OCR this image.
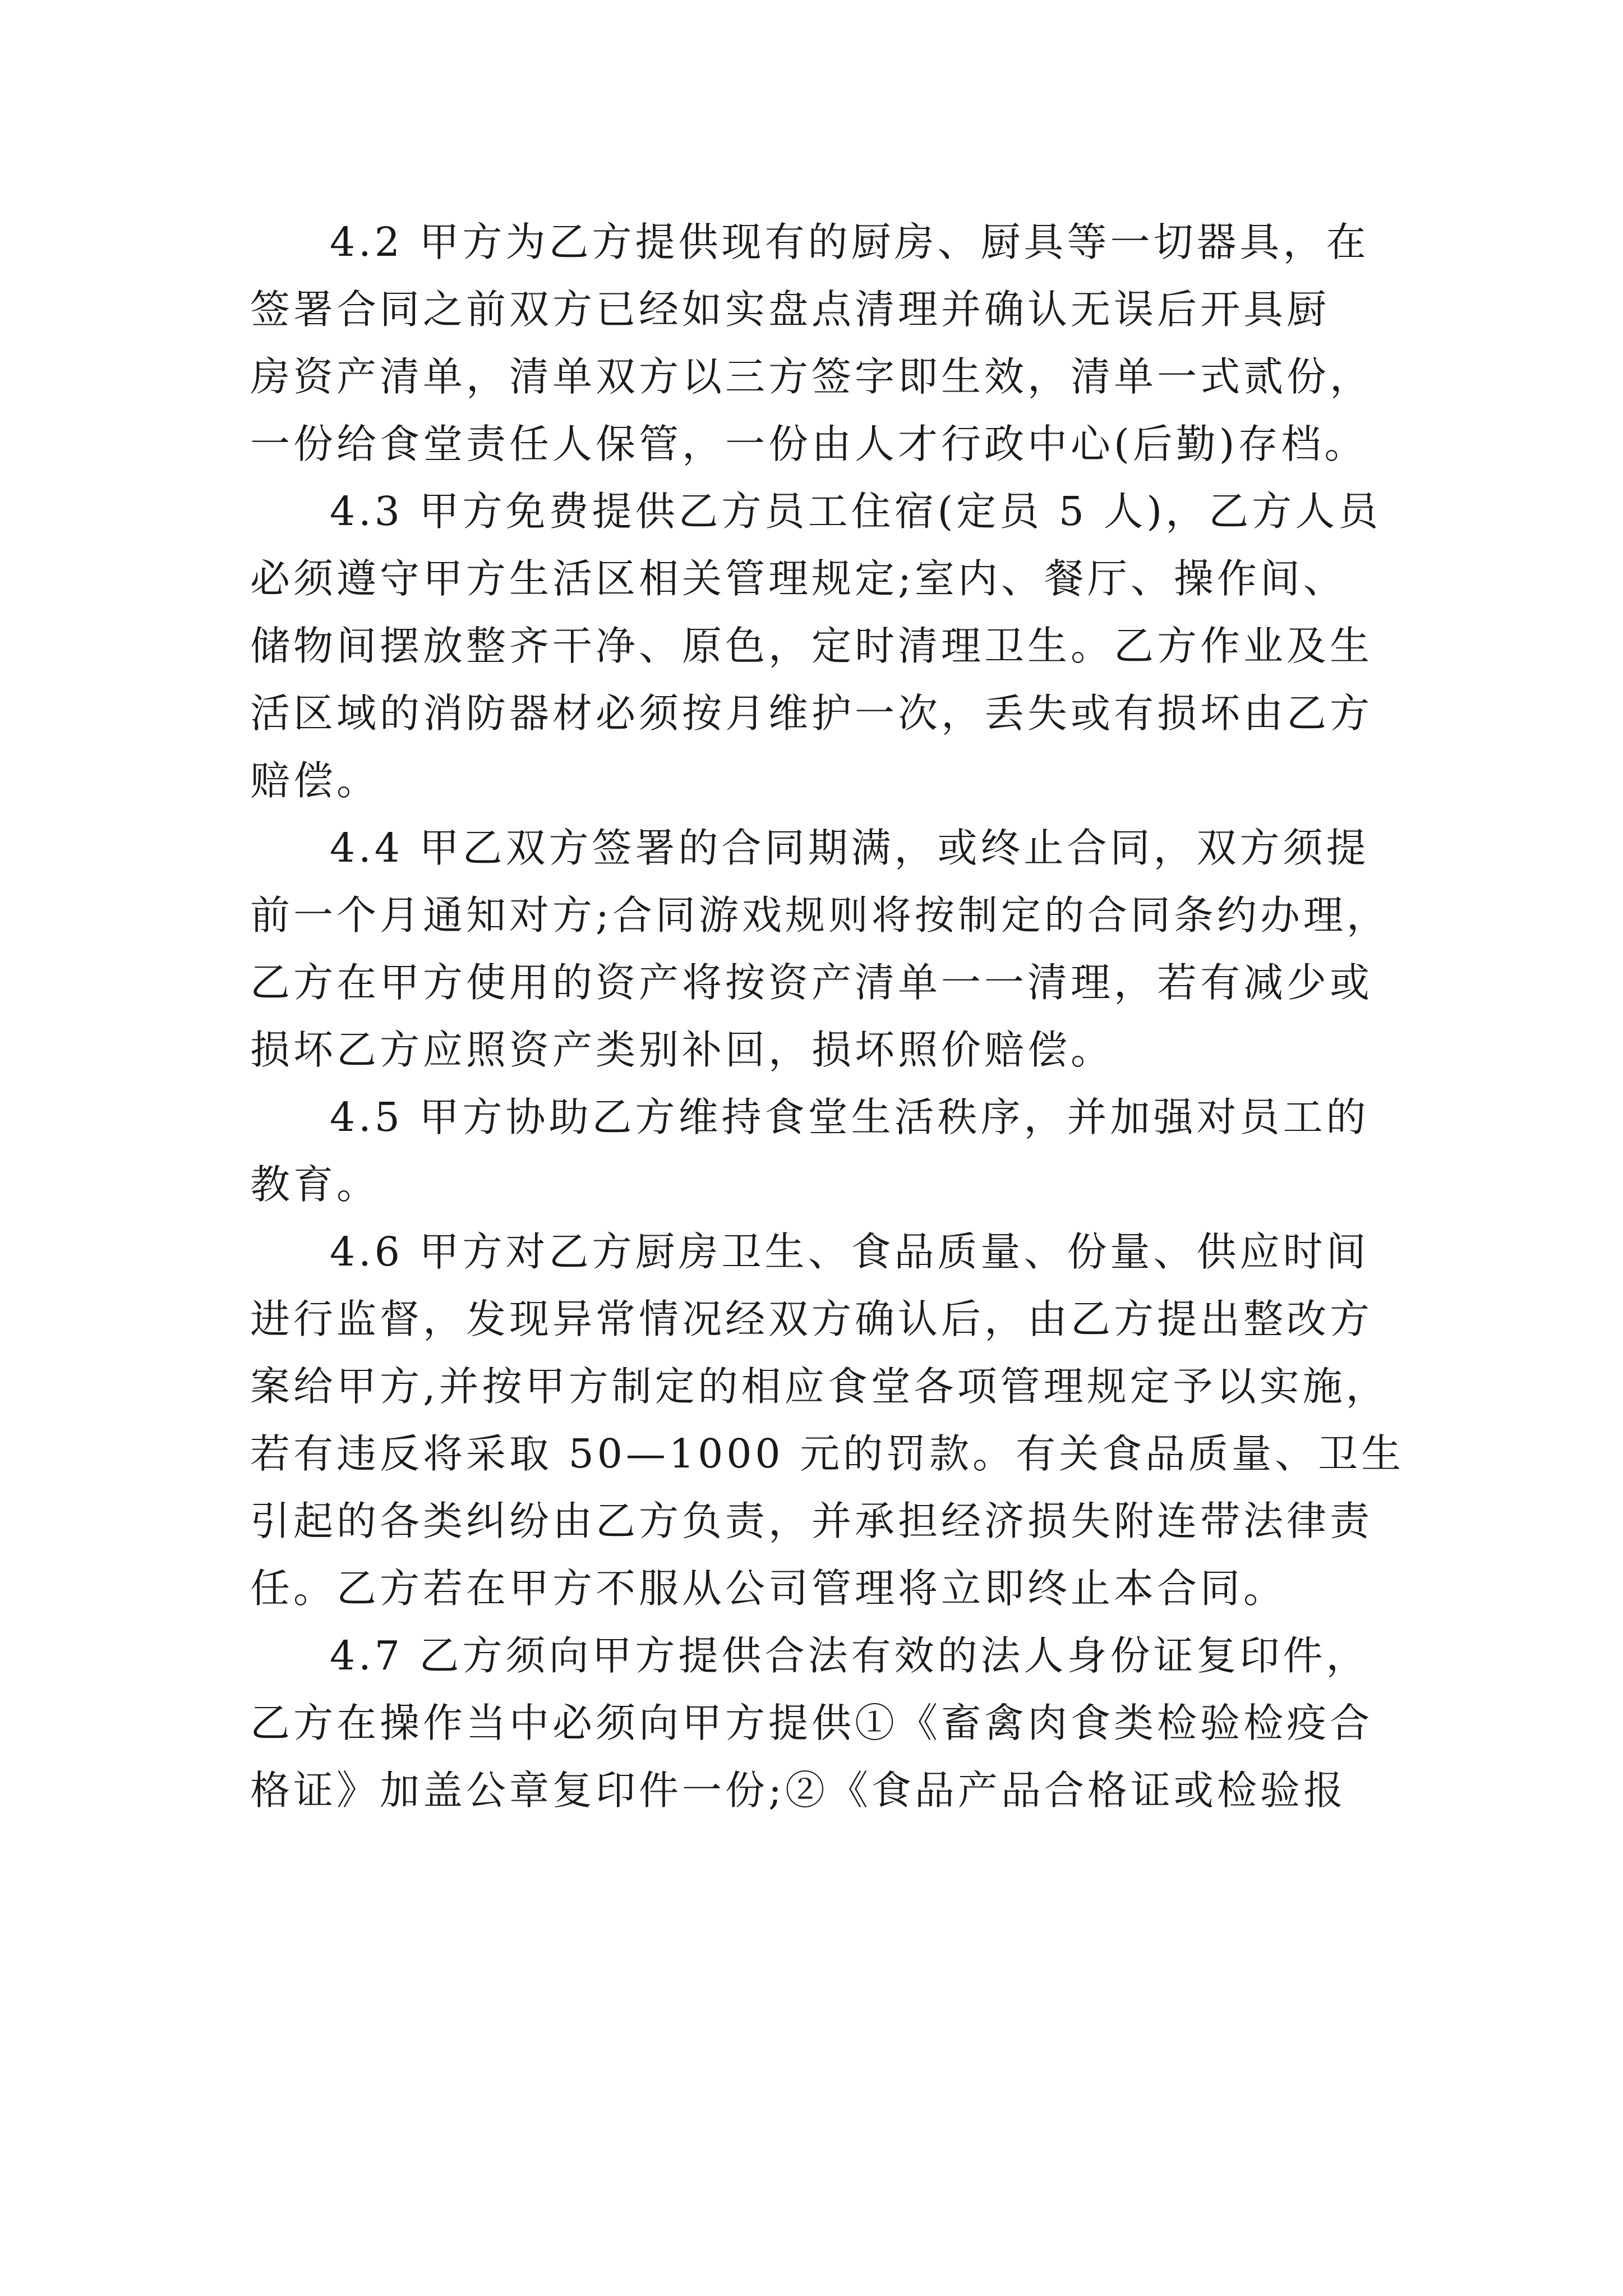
4.2 甲方为乙方提供现有的厨房、厨具等一切器具，在
签署合同之前双方已经如实盘点清理并确认无误后开具厨
房资产清单，清单双方以三方签字即生效，清单一式贰份，
一份给食堂责任人保管，一份由人才行政中心(后勤)存档。

4.3 甲方免费提供乙方员工住宿(定员 5 人)，乙方人员
必须遵守甲方生活区相关管理规定;室内、餐厅、操作间、
储物间摆放整齐干净、原色，定时清理卫生。乙方作业及生
活区域的消防器材必须按月维护一次，丢失或有损坏由乙方
赔偿。

4.4 甲乙双方签署的合同期满，或终止合同，双方须提
前一个月通知对方;合同游戏规则将按制定的合同条约办理，
乙方在甲方使用的资产将按资产清单一一清理，若有减少或
损坏乙方应照资产类别补回，损坏照价赔偿。

4.5 甲方协助乙方维持食堂生活秩序，并加强对员工的
教育。

4.6 甲方对乙方厨房卫生、食品质量、份量、供应时间
进行监督，发现异常情况经双方确认后，由乙方提出整改方
案给甲方,并按甲方制定的相应食堂各项管理规定予以实施，
若有违反将采取 50—1000 元的罚款。有关食品质量、卫生
引起的各类纠纷由乙方负责，并承担经济损失附连带法律责
任。乙方若在甲方不服从公司管理将立即终止本合同。

4.7 乙方须向甲方提供合法有效的法人身份证复印件，
乙方在操作当中必须向甲方提供①《畜禽肉食类检验检疫合
格证》加盖公章复印件一份;②《食品产品合格证或检验报
